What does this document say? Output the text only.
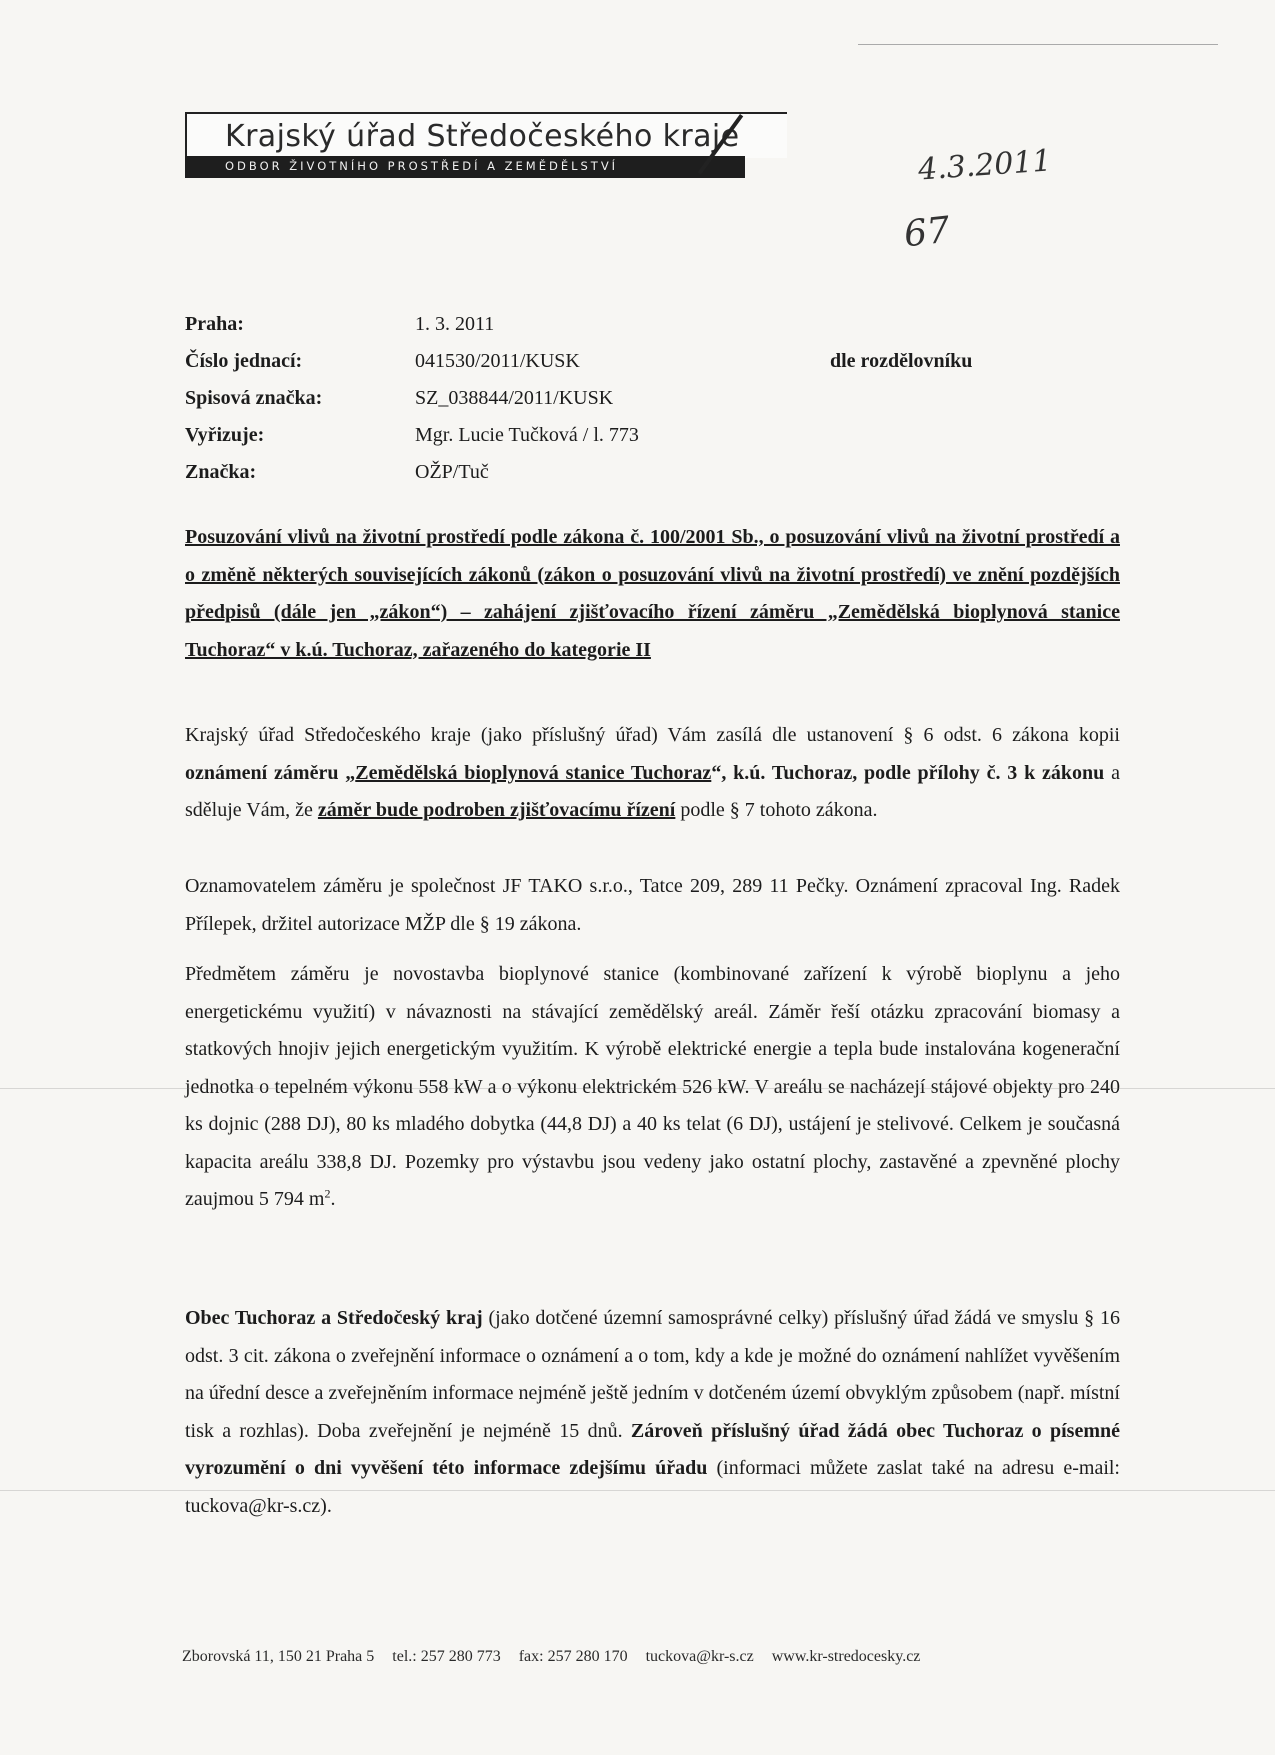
Krajský úřad Středočeského kraje
ODBOR ŽIVOTNÍHO PROSTŘEDÍ A ZEMĚDĚLSTVÍ	4.3.2011
67
Praha:	1. 3. 2011
Číslo jednací:	041530/2011/KUSK
Spisová značka:	SZ_038844/2011/KUSK
Vyřizuje:	Mgr. Lucie Tučková / l. 773
Značka:	OŽP/Tuč
dle rozdělovníku
Posuzování vlivů na životní prostředí podle zákona č. 100/2001 Sb., o posuzování vlivů na životní prostředí a o změně některých souvisejících zákonů (zákon o posuzování vlivů na životní prostředí) ve znění pozdějších předpisů (dále jen „zákon“) – zahájení zjišťovacího řízení záměru „Zemědělská bioplynová stanice Tuchoraz“ v k.ú. Tuchoraz, zařazeného do kategorie II
Krajský úřad Středočeského kraje (jako příslušný úřad) Vám zasílá dle ustanovení § 6 odst. 6 zákona kopii oznámení záměru „Zemědělská bioplynová stanice Tuchoraz“, k.ú. Tuchoraz, podle přílohy č. 3 k zákonu a sděluje Vám, že záměr bude podroben zjišťovacímu řízení podle § 7 tohoto zákona.
Oznamovatelem záměru je společnost JF TAKO s.r.o., Tatce 209, 289 11 Pečky. Oznámení zpracoval Ing. Radek Přílepek, držitel autorizace MŽP dle § 19 zákona.
Předmětem záměru je novostavba bioplynové stanice (kombinované zařízení k výrobě bioplynu a jeho energetickému využití) v návaznosti na stávající zemědělský areál. Záměr řeší otázku zpracování biomasy a statkových hnojiv jejich energetickým využitím. K výrobě elektrické energie a tepla bude instalována kogenerační jednotka o tepelném výkonu 558 kW a o výkonu elektrickém 526 kW. V areálu se nacházejí stájové objekty pro 240 ks dojnic (288 DJ), 80 ks mladého dobytka (44,8 DJ) a 40 ks telat (6 DJ), ustájení je stelivové. Celkem je současná kapacita areálu 338,8 DJ. Pozemky pro výstavbu jsou vedeny jako ostatní plochy, zastavěné a zpevněné plochy zaujmou 5 794 $m^2$.
Obec Tuchoraz a Středočeský kraj (jako dotčené územní samosprávné celky) příslušný úřad žádá ve smyslu § 16 odst. 3 cit. zákona o zveřejnění informace o oznámení a o tom, kdy a kde je možné do oznámení nahlížet vyvěšením na úřední desce a zveřejněním informace nejméně ještě jedním v dotčeném území obvyklým způsobem (např. místní tisk a rozhlas). Doba zveřejnění je nejméně 15 dnů. Zároveň příslušný úřad žádá obec Tuchoraz o písemné vyrozumění o dni vyvěšení této informace zdejšímu úřadu (informaci můžete zaslat také na adresu e-mail: tuckova@kr-s.cz).
Zborovská 11, 150 21 Praha 5 tel.: 257 280 773 fax: 257 280 170 tuckova@kr-s.cz www.kr-stredocesky.cz
